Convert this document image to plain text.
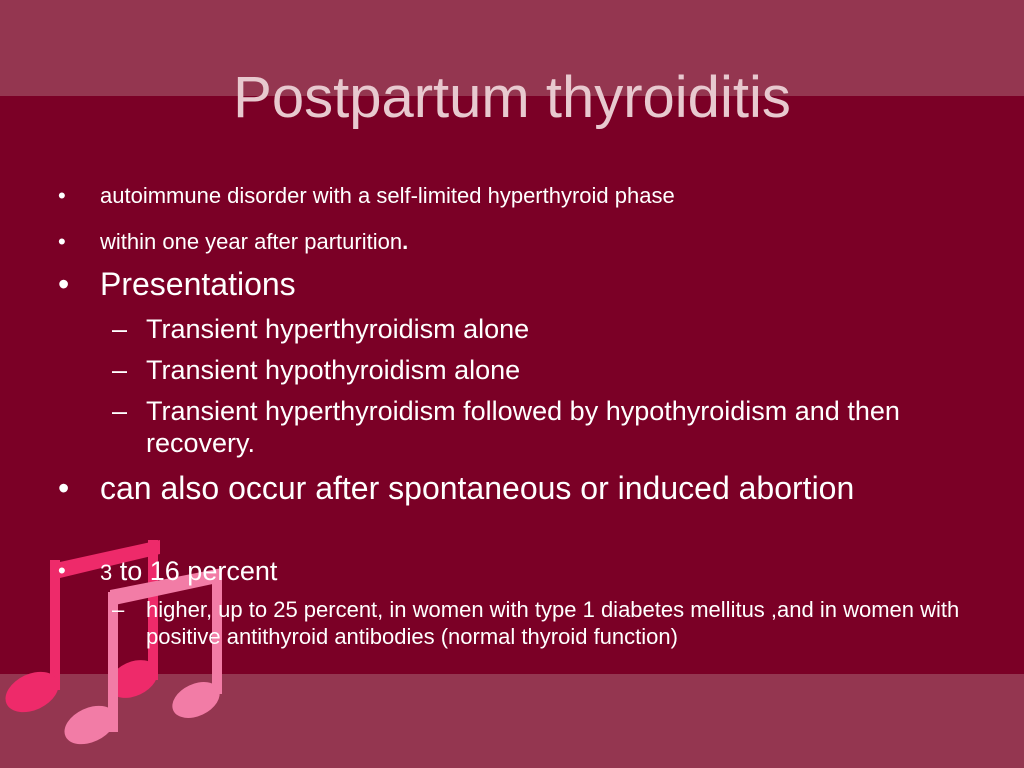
Postpartum thyroiditis
• autoimmune disorder with a self-limited hyperthyroid phase
• within one year after parturition.
• Presentations
– Transient hyperthyroidism alone
– Transient hypothyroidism alone
– Transient hyperthyroidism followed by hypothyroidism and then recovery.
• can also occur after spontaneous or induced abortion
• 3 to 16 percent
– higher, up to 25 percent, in women with type 1 diabetes mellitus ,and in women with positive antithyroid antibodies (normal thyroid function)
